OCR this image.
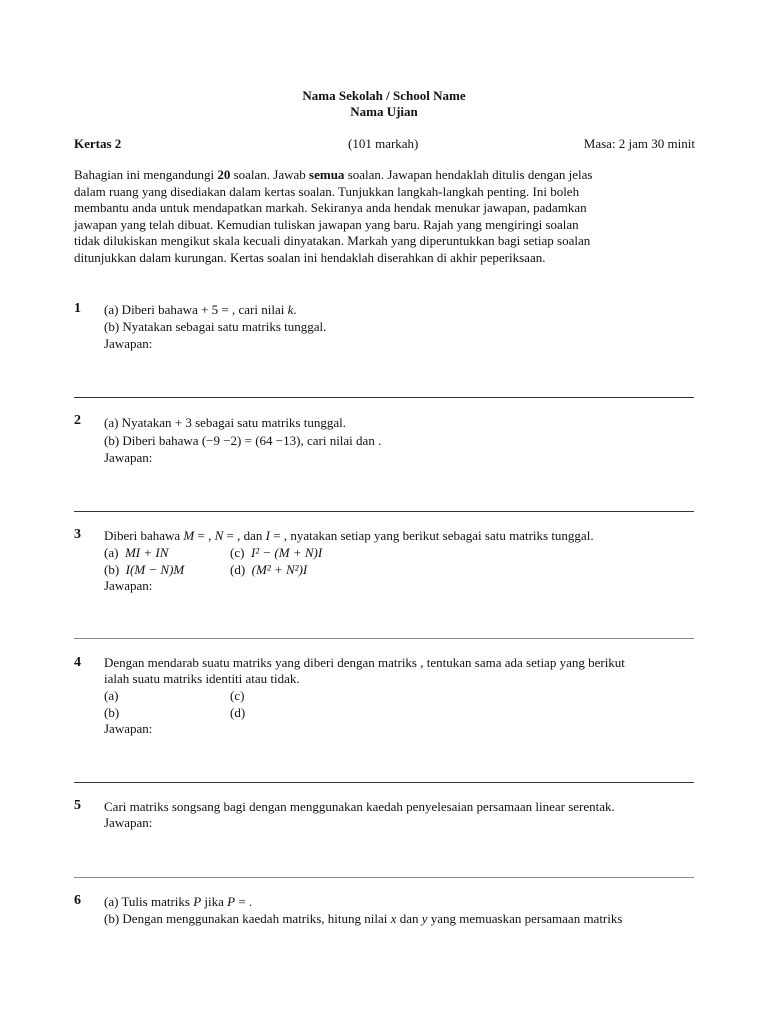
Nama Sekolah / School Name
Nama Ujian
Kertas 2	(101 markah)	Masa: 2 jam 30 minit

Bahagian ini mengandungi 20 soalan. Jawab semua soalan. Jawapan hendaklah ditulis dengan jelas

dalam ruang yang disediakan dalam kertas soalan. Tunjukkan langkah-langkah penting. Ini boleh

membantu anda untuk mendapatkan markah. Sekiranya anda hendak menukar jawapan, padamkan

jawapan yang telah dibuat. Kemudian tuliskan jawapan yang baru. Rajah yang mengiringi soalan

tidak dilukiskan mengikut skala kecuali dinyatakan. Markah yang diperuntukkan bagi setiap soalan

ditunjukkan dalam kurungan. Kertas soalan ini hendaklah diserahkan di akhir peperiksaan.

1 (a) Diberi bahawa + 5 = , cari nilai k.
(b) Nyatakan sebagai satu matriks tunggal.
Jawapan:
2 (a) Nyatakan + 3 sebagai satu matriks tunggal.
(b) Diberi bahawa (−9 −2) = (64 −13), cari nilai dan .
Jawapan:
3 Diberi bahawa M = , N = , dan I = , nyatakan setiap yang berikut sebagai satu matriks tunggal.
(a) MI + IN	(c) I² − (M + N)I
(b) I(M − N)M	(d) (M² + N²)I
Jawapan:
4 Dengan mendarab suatu matriks yang diberi dengan matriks , tentukan sama ada setiap yang berikut
ialah suatu matriks identiti atau tidak.
(a)	(c)
(b)	(d)
Jawapan:
5 Cari matriks songsang bagi dengan menggunakan kaedah penyelesaian persamaan linear serentak.
Jawapan:
6 (a) Tulis matriks P jika P = .
(b) Dengan menggunakan kaedah matriks, hitung nilai x dan y yang memuaskan persamaan matriks
